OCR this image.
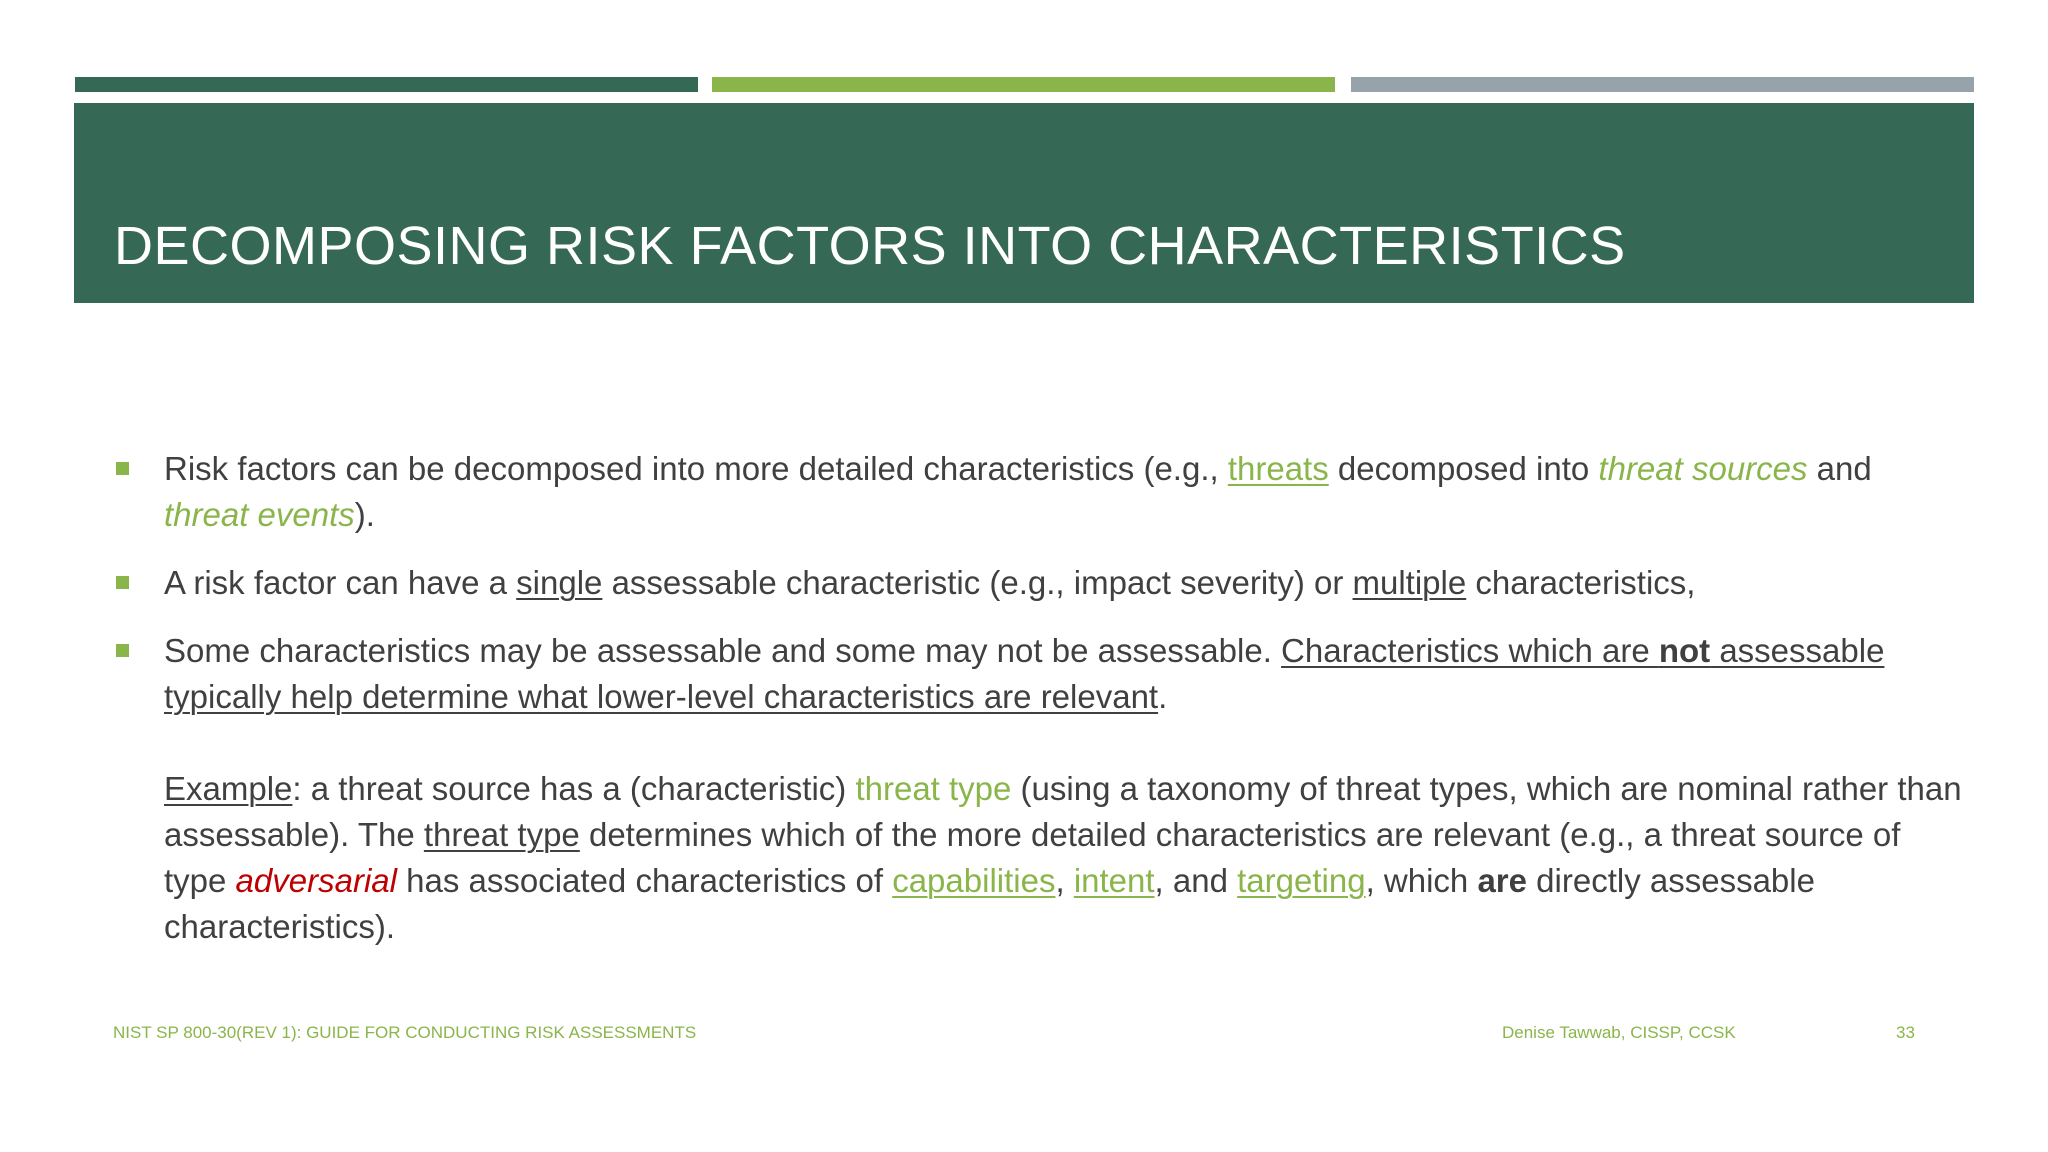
DECOMPOSING RISK FACTORS INTO CHARACTERISTICS
Risk factors can be decomposed into more detailed characteristics (e.g., threats decomposed into threat sources and threat events).
A risk factor can have a single assessable characteristic (e.g., impact severity) or multiple characteristics,
Some characteristics may be assessable and some may not be assessable. Characteristics which are not assessable typically help determine what lower-level characteristics are relevant.
Example: a threat source has a (characteristic) threat type (using a taxonomy of threat types, which are nominal rather than assessable). The threat type determines which of the more detailed characteristics are relevant (e.g., a threat source of type adversarial has associated characteristics of capabilities, intent, and targeting, which are directly assessable characteristics).
NIST SP 800-30(REV 1): GUIDE FOR CONDUCTING RISK ASSESSMENTS	Denise Tawwab, CISSP, CCSK	33
